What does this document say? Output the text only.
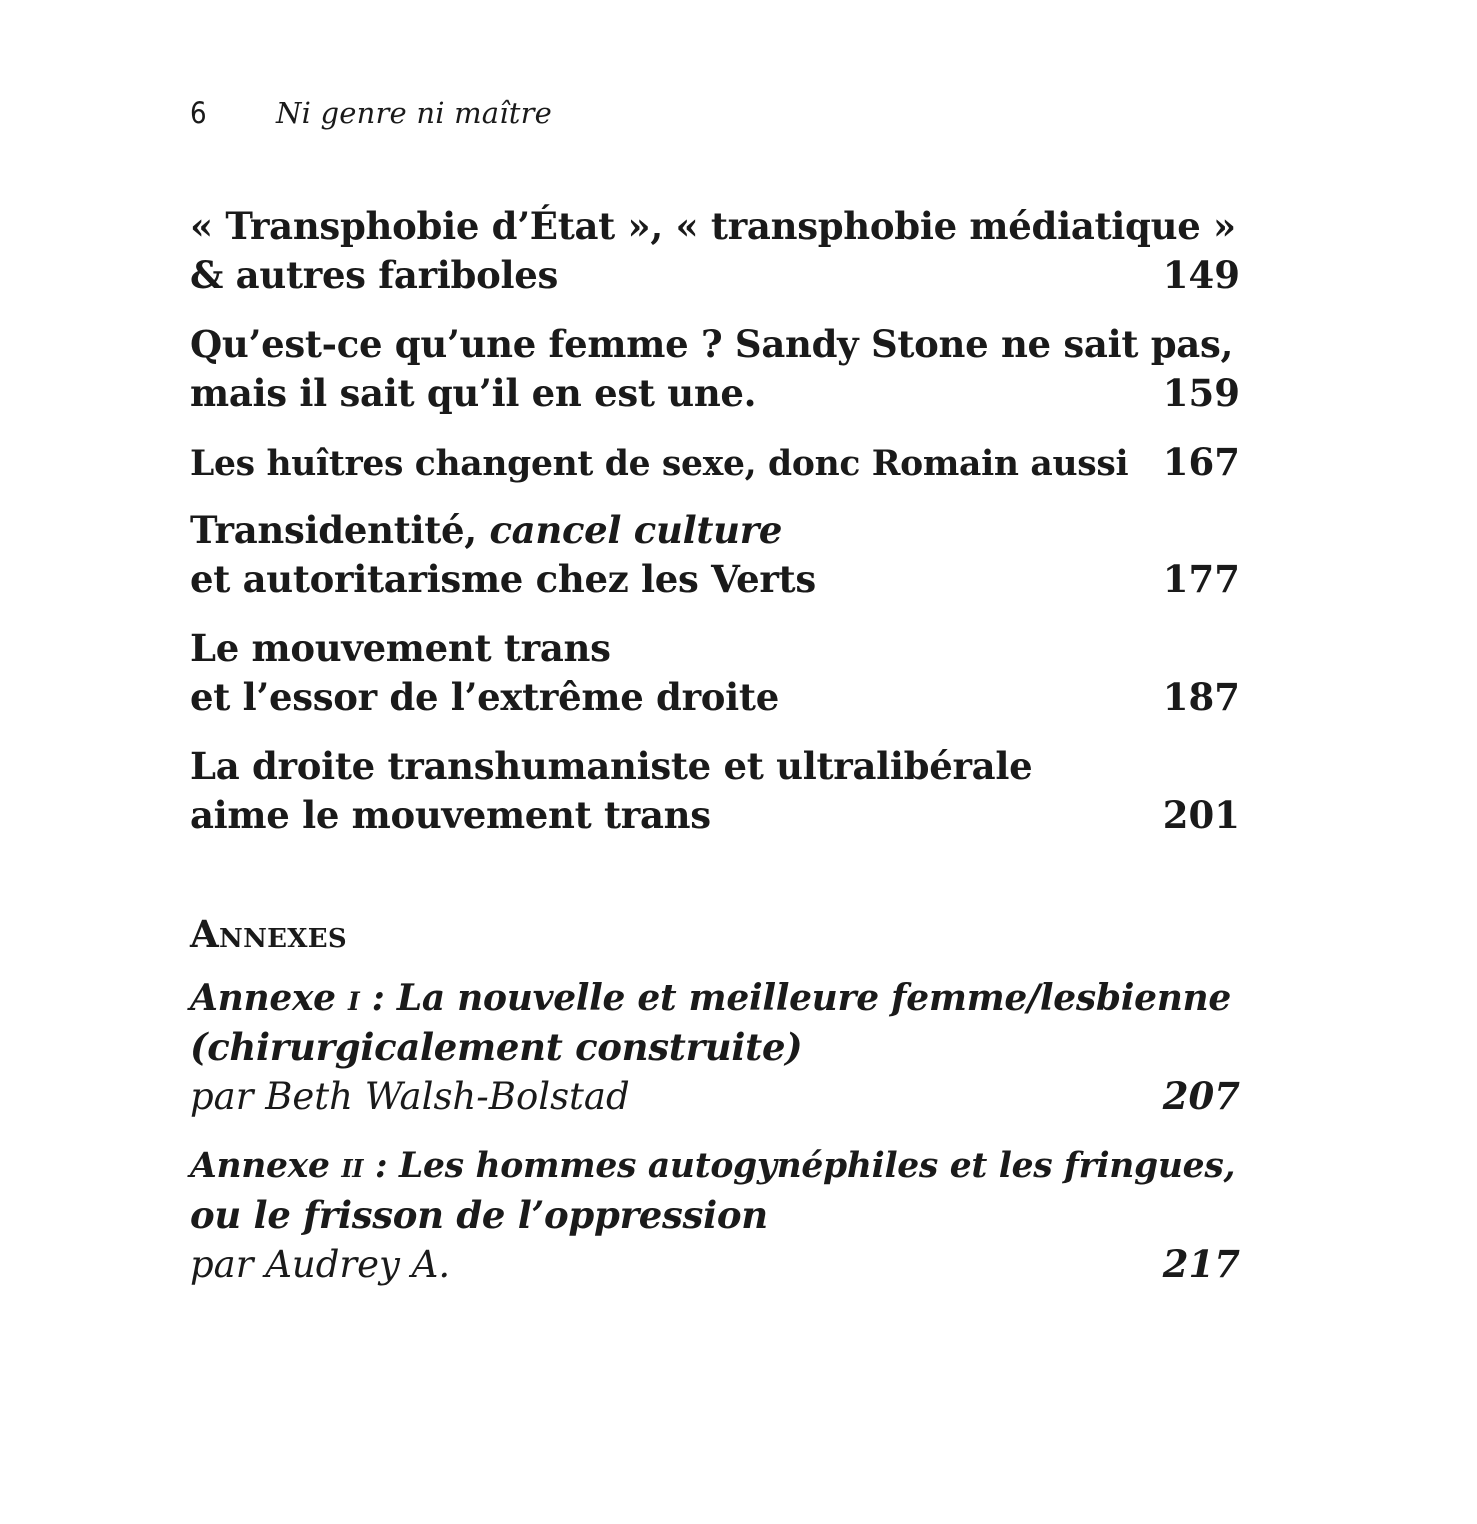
6	Ni genre ni maître
« Transphobie d’État », « transphobie médiatique »
& autres fariboles	149
Qu’est-ce qu’une femme ? Sandy Stone ne sait pas,
mais il sait qu’il en est une.	159
Les huîtres changent de sexe, donc Romain aussi 167
Transidentité, cancel culture
et autoritarisme chez les Verts	177
Le mouvement trans
et l’essor de l’extrême droite	187
La droite transhumaniste et ultralibérale
aime le mouvement trans	201
Annexes
Annexe i : La nouvelle et meilleure femme/lesbienne
(chirurgicalement construite)
par Beth Walsh-Bolstad	207
Annexe ii : Les hommes autogynéphiles et les fringues,
ou le frisson de l’oppression
par Audrey A.	217
